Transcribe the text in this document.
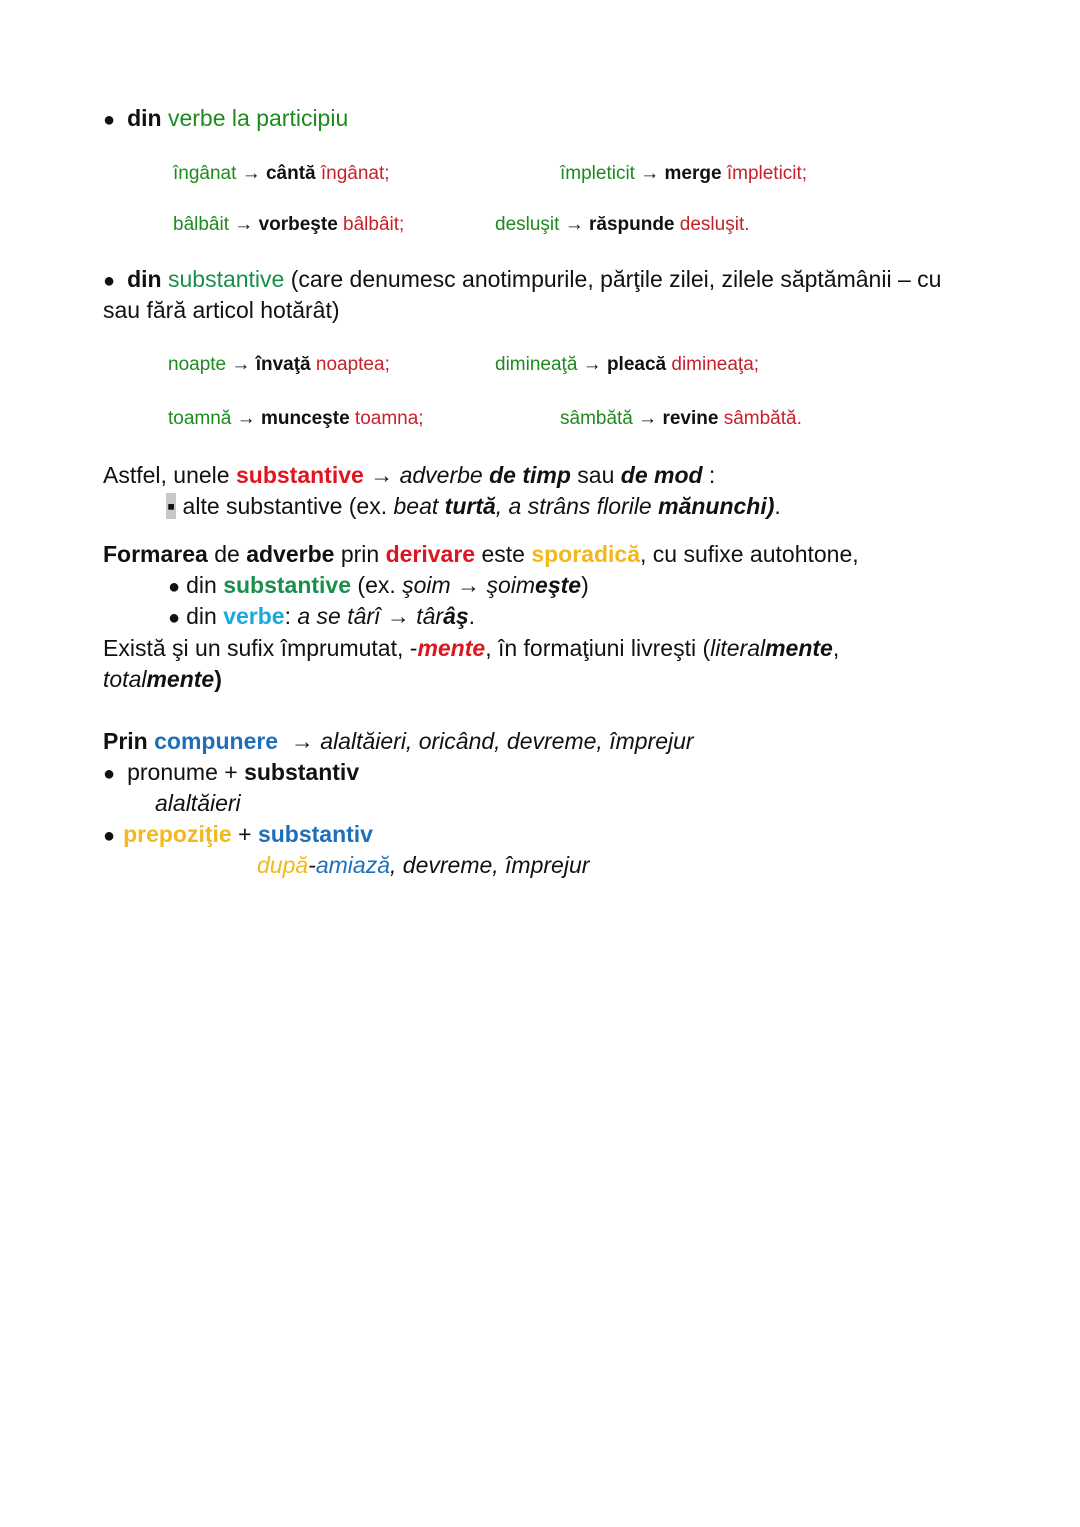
● din verbe la participiu
îngânat → cântă îngânat;	împleticit → merge împleticit;
bâlbâit → vorbeşte bâlbâit;	desluşit → răspunde desluşit.
● din substantive (care denumesc anotimpurile, părţile zilei, zilele săptămânii – cu
sau fără articol hotărât)
noapte → învaţă noaptea;	dimineaţă → pleacă dimineaţa;
toamnă → munceşte toamna;	sâmbătă → revine sâmbătă.
Astfel, unele substantive → adverbe de timp sau de mod :
▪ alte substantive (ex. beat turtă, a strâns florile mănunchi).
Formarea de adverbe prin derivare este sporadică, cu sufixe autohtone,
● din substantive (ex. şoim → şoimeşte)
● din verbe: a se târî → târâş.
Există şi un sufix împrumutat, -mente, în formaţiuni livreşti (literalmente,
totalmente)
Prin compunere → alaltăieri, oricând, devreme, împrejur
● pronume + substantiv
alaltăieri
● prepoziţie + substantiv
după-amiază, devreme, împrejur
